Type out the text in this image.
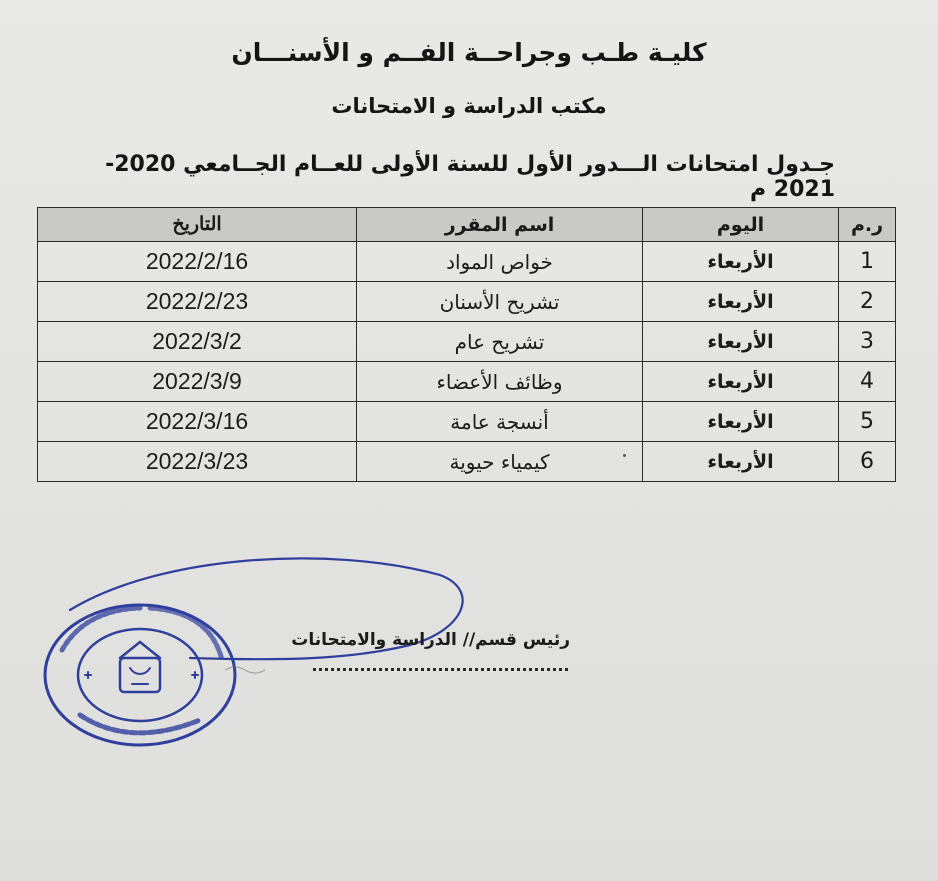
كليـة طـب وجراحــة الفــم و الأسنـــان
مكتب الدراسة و الامتحانات
جـدول امتحانات الـــدور الأول للسنة الأولى للعــام الجــامعي 2020-2021 م
ر.م	اليوم	اسم المقرر	التاريخ
1	الأربعاء	خواص المواد	2022/2/16
2	الأربعاء	تشريح الأسنان	2022/2/23
3	الأربعاء	تشريح عام	2022/3/2
4	الأربعاء	وظائف الأعضاء	2022/3/9
5	الأربعاء	أنسجة عامة	2022/3/16
6	الأربعاء	كيمياء حيوية	2022/3/23
رئيس قسم// الدراسة والامتحانات
